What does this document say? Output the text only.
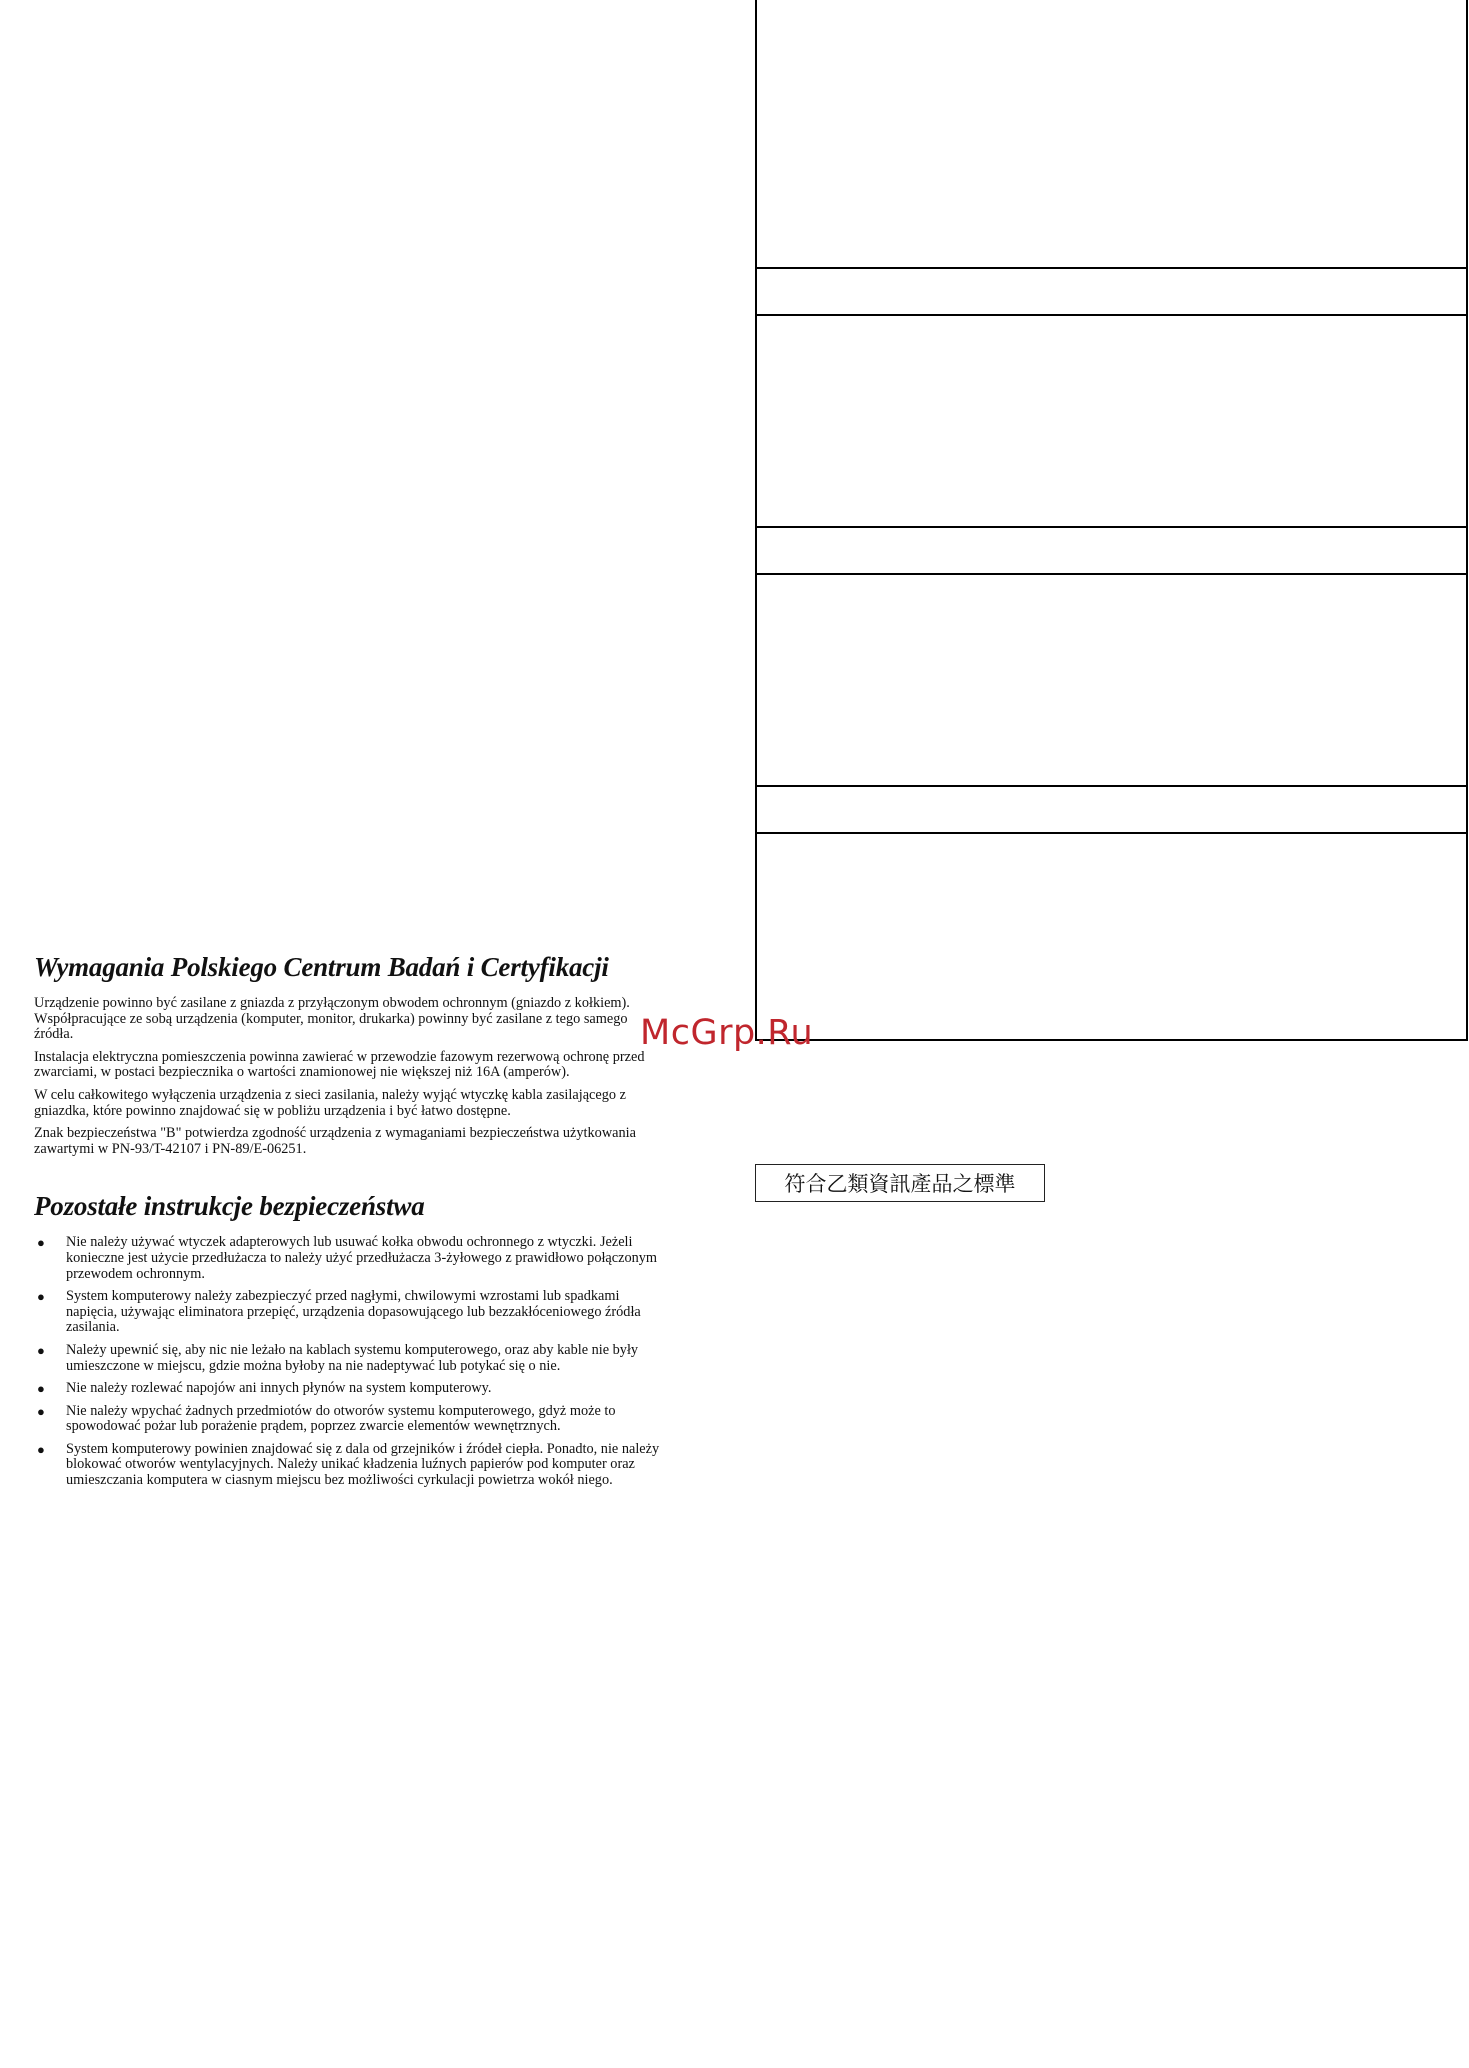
Wymagania Polskiego Centrum Badań i Certyfikacji

Urządzenie powinno być zasilane z gniazda z przyłączonym obwodem ochronnym (gniazdo z kołkiem). Współpracujące ze sobą urządzenia (komputer, monitor, drukarka) powinny być zasilane z tego samego źródła.

Instalacja elektryczna pomieszczenia powinna zawierać w przewodzie fazowym rezerwową ochronę przed zwarciami, w postaci bezpiecznika o wartości znamionowej nie większej niż 16A (amperów).

W celu całkowitego wyłączenia urządzenia z sieci zasilania, należy wyjąć wtyczkę kabla zasilającego z gniazdka, które powinno znajdować się w pobliżu urządzenia i być łatwo dostępne.

Znak bezpieczeństwa "B" potwierdza zgodność urządzenia z wymaganiami bezpieczeństwa użytkowania zawartymi w PN-93/T-42107 i PN-89/E-06251.

Pozostałe instrukcje bezpieczeństwa
● Nie należy używać wtyczek adapterowych lub usuwać kołka obwodu ochronnego z wtyczki. Jeżeli konieczne jest użycie przedłużacza to należy użyć przedłużacza 3-żyłowego z prawidłowo połączonym przewodem ochronnym.
● System komputerowy należy zabezpieczyć przed nagłymi, chwilowymi wzrostami lub spadkami napięcia, używając eliminatora przepięć, urządzenia dopasowującego lub bezzakłóceniowego źródła zasilania.
● Należy upewnić się, aby nic nie leżało na kablach systemu komputerowego, oraz aby kable nie były umieszczone w miejscu, gdzie można byłoby na nie nadeptywać lub potykać się o nie.
● Nie należy rozlewać napojów ani innych płynów na system komputerowy.
● Nie należy wpychać żadnych przedmiotów do otworów systemu komputerowego, gdyż może to spowodować pożar lub porażenie prądem, poprzez zwarcie elementów wewnętrznych.
● System komputerowy powinien znajdować się z dala od grzejników i źródeł ciepła. Ponadto, nie należy blokować otworów wentylacyjnych. Należy unikać kładzenia luźnych papierów pod komputer oraz umieszczania komputera w ciasnym miejscu bez możliwości cyrkulacji powietrza wokół niego.
McGrp.Ru
符合乙類資訊產品之標準
